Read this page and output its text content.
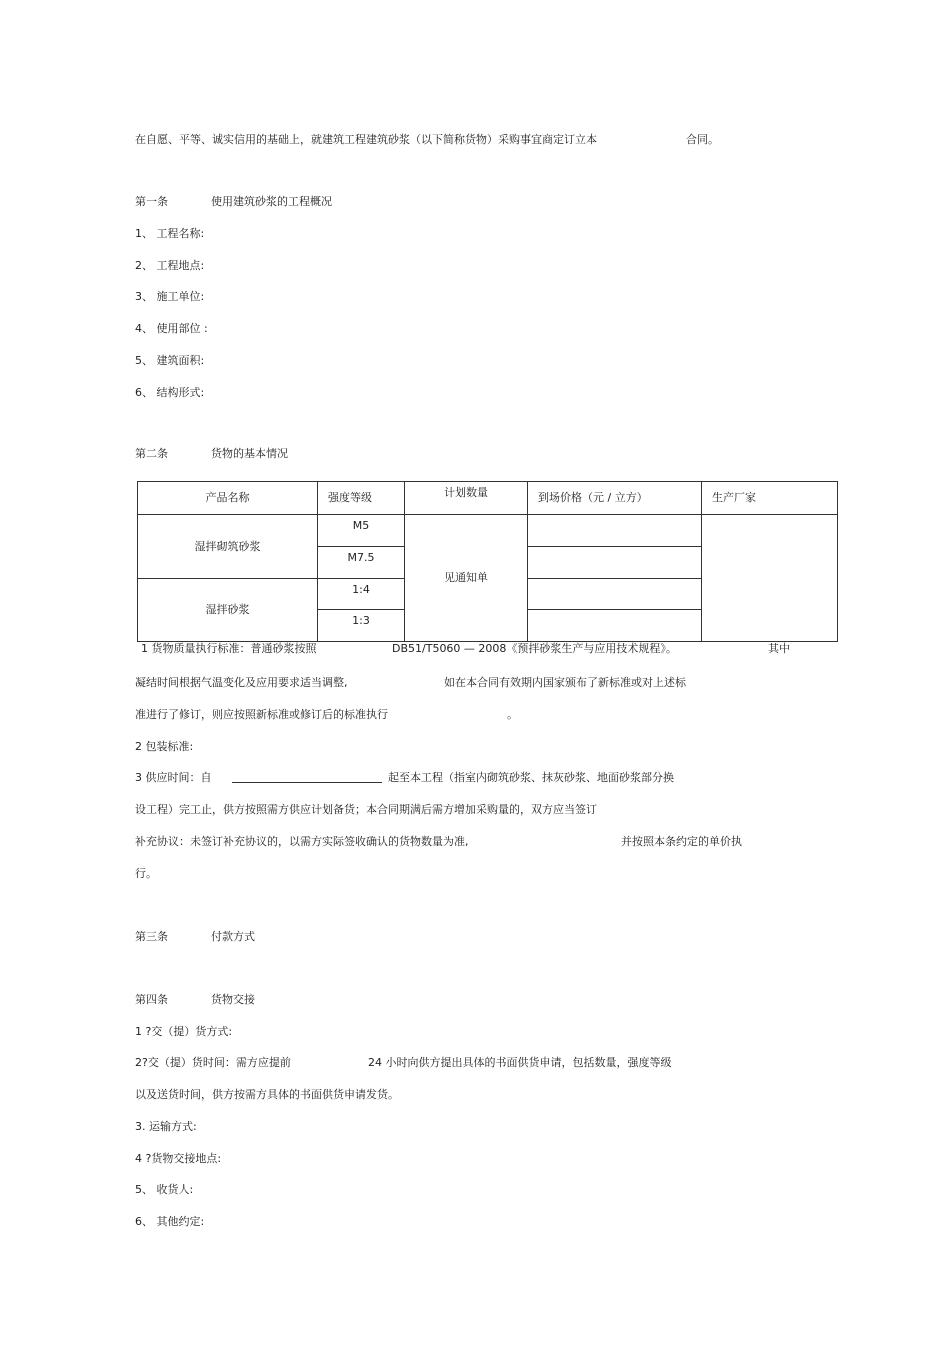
在自愿、平等、诚实信用的基础上，就建筑工程建筑砂浆（以下简称货物）采购事宜商定订立本	合同。
第一条	使用建筑砂浆的工程概况
1、 工程名称:
2、 工程地点:
3、 施工单位:
4、 使用部位 :
5、 建筑面积:
6、 结构形式:
第二条	货物的基本情况
产品名称	强度等级	计划数量	到场价格（元 / 立方）	生产厂家
湿拌砌筑砂浆	M5	见通知单		
	M7.5			
湿拌砂浆	1:4			
	1:3			
1 货物质量执行标准：普通砂浆按照	DB51/T5060 — 2008《预拌砂浆生产与应用技术规程》。	其中
凝结时间根据气温变化及应用要求适当调整,	如在本合同有效期内国家颁布了新标准或对上述标
准进行了修订，则应按照新标准或修订后的标准执行	。
2 包装标准:
3 供应时间：自	起至本工程（指室内砌筑砂浆、抹灰砂浆、地面砂浆部分换
设工程）完工止，供方按照需方供应计划备货；本合同期满后需方增加采购量的，双方应当签订
补充协议：未签订补充协议的，以需方实际签收确认的货物数量为准,	并按照本条约定的单价执
行。
第三条	付款方式
第四条	货物交接
1 ?交（提）货方式:
2?交（提）货时间：需方应提前	24 小时向供方提出具体的书面供货申请，包括数量，强度等级
以及送货时间，供方按需方具体的书面供货申请发货。
3. 运输方式:
4 ?货物交接地点:
5、 收货人:
6、 其他约定:
